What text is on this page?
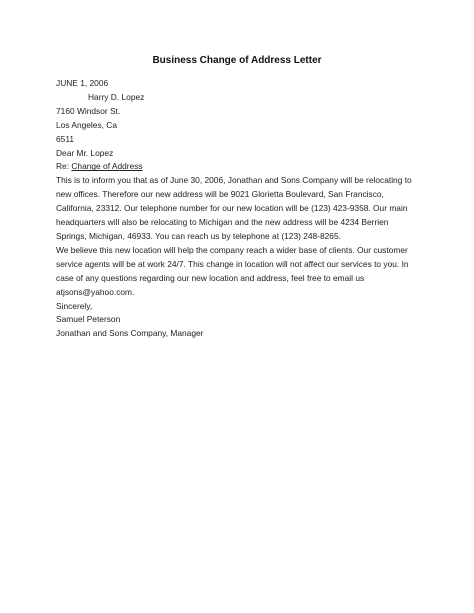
Business Change of Address Letter
JUNE 1, 2006
Harry D. Lopez
7160 Windsor St.
Los Angeles, Ca
6511
Dear Mr. Lopez
Re: Change of Address
This is to inform you that as of June 30, 2006, Jonathan and Sons Company will be relocating to new offices. Therefore our new address will be 9021 Glorietta Boulevard, San Francisco, California, 23312. Our telephone number for our new location will be (123) 423-9358. Our main headquarters will also be relocating to Michigan and the new address will be 4234 Berrien Springs, Michigan, 46933. You can reach us by telephone at (123) 248-8265.
We believe this new location will help the company reach a wider base of clients. Our customer service agents will be at work 24/7. This change in location will not affect our services to you. In case of any questions regarding our new location and address, feel free to email us atjsons@yahoo.com.
Sincerely,
Samuel Peterson
Jonathan and Sons Company, Manager
